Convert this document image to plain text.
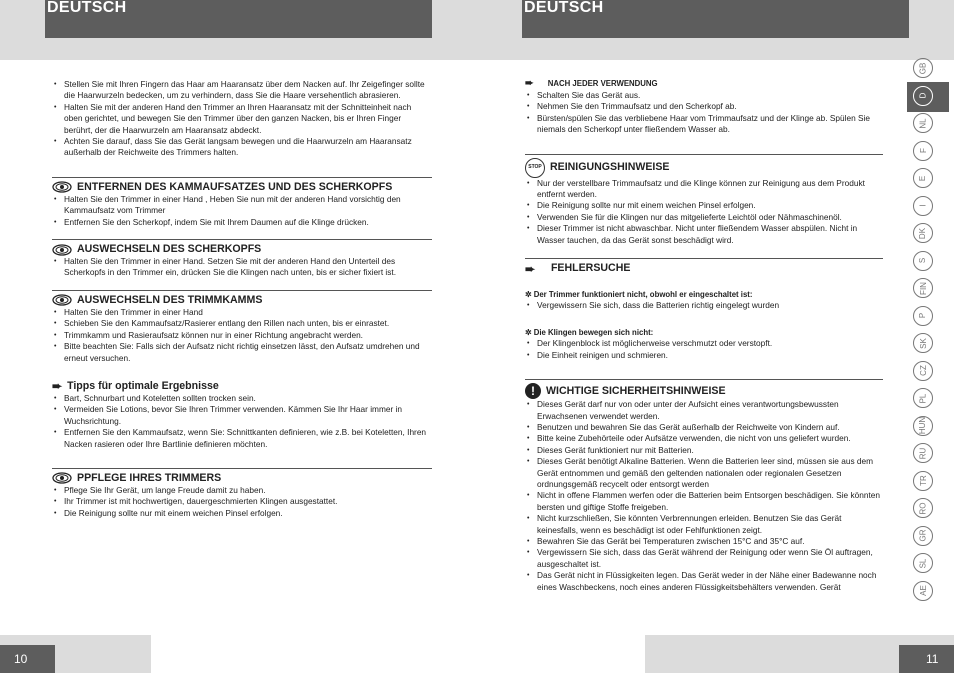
DEUTSCH
• Stellen Sie mit Ihren Fingern das Haar am Haaransatz über dem Nacken auf. Ihr Zeigefinger sollte die Haarwurzeln bedecken, um zu verhindern, dass Sie die Haare versehentlich abrasieren.
• Halten Sie mit der anderen Hand den Trimmer an Ihren Haaransatz mit der Schnitteinheit nach oben gerichtet, und bewegen Sie den Trimmer über den ganzen Nacken, bis er Ihren Finger berührt, der die Haarwurzeln am Haaransatz abdeckt.
• Achten Sie darauf, dass Sie das Gerät langsam bewegen und die Haarwurzeln am Haaransatz außerhalb der Reichweite des Trimmers halten.
ENTFERNEN DES KAMMAUFSATZES UND DES SCHERKOPFS
• Halten Sie den Trimmer in einer Hand , Heben Sie nun mit der anderen Hand vorsichtig den Kammaufsatz vom Trimmer
• Entfernen Sie den Scherkopf, indem Sie mit Ihrem Daumen auf die Klinge drücken.
AUSWECHSELN DES SCHERKOPFS
• Halten Sie den Trimmer in einer Hand. Setzen Sie mit der anderen Hand den Unterteil des Scherkopfs in den Trimmer ein, drücken Sie die Klingen nach unten, bis er sicher fixiert ist.
AUSWECHSELN DES TRIMMKAMMS
• Halten Sie den Trimmer in einer Hand
• Schieben Sie den Kammaufsatz/Rasierer entlang den Rillen nach unten, bis er einrastet.
• Trimmkamm und Rasieraufsatz können nur in einer Richtung angebracht werden.
• Bitte beachten Sie: Falls sich der Aufsatz nicht richtig einsetzen lässt, den Aufsatz umdrehen und erneut versuchen.
➨ Tipps für optimale Ergebnisse
• Bart, Schnurbart und Koteletten sollten trocken sein.
• Vermeiden Sie Lotions, bevor Sie Ihren Trimmer verwenden. Kämmen Sie Ihr Haar immer in Wuchsrichtung.
• Entfernen Sie den Kammaufsatz, wenn Sie: Schnittkanten definieren, wie z.B. bei Koteletten, Ihren Nacken rasieren oder Ihre Bartlinie definieren möchten.
PPFLEGE IHRES TRIMMERS
• Pflege Sie Ihr Gerät, um lange Freude damit zu haben.
• Ihr Trimmer ist mit hochwertigen, dauergeschmierten Klingen ausgestattet.
• Die Reinigung sollte nur mit einem weichen Pinsel erfolgen.
10
DEUTSCH
➨
NACH JEDER VERWENDUNG
• Schalten Sie das Gerät aus.
• Nehmen Sie den Trimmaufsatz und den Scherkopf ab.
• Bürsten/spülen Sie das verbliebene Haar vom Trimmaufsatz und der Klinge ab. Spülen Sie niemals den Scherkopf unter fließendem Wasser ab.
STOP REINIGUNGSHINWEISE
• Nur der verstellbare Trimmaufsatz und die Klinge können zur Reinigung aus dem Produkt entfernt werden.
• Die Reinigung sollte nur mit einem weichen Pinsel erfolgen.
• Verwenden Sie für die Klingen nur das mitgelieferte Leichtöl oder Nähmaschinenöl.
• Dieser Trimmer ist nicht abwaschbar. Nicht unter fließendem Wasser abspülen. Nicht in Wasser tauchen, da das Gerät sonst beschädigt wird.
➨
FEHLERSUCHE
✲ Der Trimmer funktioniert nicht, obwohl er eingeschaltet ist:
• Vergewissern Sie sich, dass die Batterien richtig eingelegt wurden
✲ Die Klingen bewegen sich nicht:
• Der Klingenblock ist möglicherweise verschmutzt oder verstopft.
• Die Einheit reinigen und schmieren.
!	WICHTIGE SICHERHEITSHINWEISE
• Dieses Gerät darf nur von oder unter der Aufsicht eines verantwortungsbewussten Erwachsenen verwendet werden.
• Benutzen und bewahren Sie das Gerät außerhalb der Reichweite von Kindern auf.
• Bitte keine Zubehörteile oder Aufsätze verwenden, die nicht von uns geliefert wurden.
• Dieses Gerät funktioniert nur mit Batterien.
• Dieses Gerät benötigt Alkaline Batterien. Wenn die Batterien leer sind, müssen sie aus dem Gerät entnommen und gemäß den geltenden nationalen oder regionalen Gesetzen ordnungsgemäß recycelt oder entsorgt werden
• Nicht in offene Flammen werfen oder die Batterien beim Entsorgen beschädigen. Sie könnten bersten und giftige Stoffe freigeben.
• Nicht kurzschließen, Sie könnten Verbrennungen erleiden. Benutzen Sie das Gerät keinesfalls, wenn es beschädigt ist oder Fehlfunktionen zeigt.
• Bewahren Sie das Gerät bei Temperaturen zwischen 15°C and 35°C auf.
• Vergewissern Sie sich, dass das Gerät während der Reinigung oder wenn Sie Öl auftragen, ausgeschaltet ist.
• Das Gerät nicht in Flüssigkeiten legen. Das Gerät weder in der Nähe einer Badewanne noch eines Waschbeckens, noch eines anderen Flüssigkeitsbehälters verwenden. Gerät
11
GB
D
NL
F
E
I
DK
S
FIN
P
SK
CZ
PL
HUN
RU
TR
RO
GR
SL
AE
